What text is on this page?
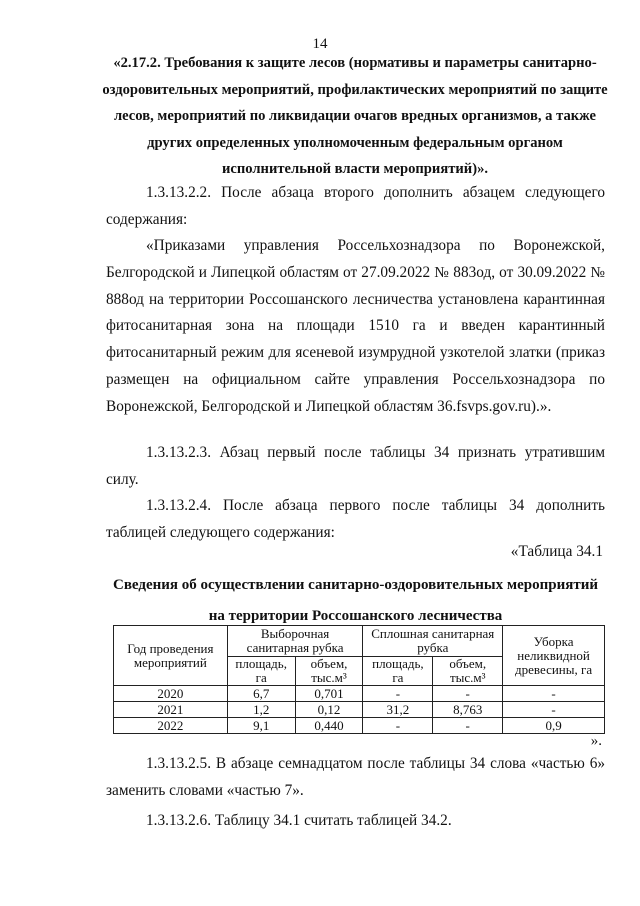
14
«2.17.2. Требования к защите лесов (нормативы и параметры санитарно-оздоровительных мероприятий, профилактических мероприятий по защите лесов, мероприятий по ликвидации очагов вредных организмов, а также других определенных уполномоченным федеральным органом исполнительной власти мероприятий)».

1.3.13.2.2. После абзаца второго дополнить абзацем следующего содержания:

«Приказами управления Россельхознадзора по Воронежской, Белгородской и Липецкой областям от 27.09.2022 № 883од, от 30.09.2022 № 888од на территории Россошанского лесничества установлена карантинная фитосанитарная зона на площади 1510 га и введен карантинный фитосанитарный режим для ясеневой изумрудной узкотелой златки (приказ размещен на официальном сайте управления Россельхознадзора по Воронежской, Белгородской и Липецкой областям 36.fsvps.gov.ru).».

1.3.13.2.3. Абзац первый после таблицы 34 признать утратившим силу.

1.3.13.2.4. После абзаца первого после таблицы 34 дополнить таблицей следующего содержания:

«Таблица 34.1
Сведения об осуществлении санитарно-оздоровительных мероприятий на территории Россошанского лесничества
Год проведения мероприятий	Выборочная санитарная рубка		Сплошная санитарная рубка		Уборка неликвидной древесины, га
	площадь, га	объем, тыс.м³	площадь, га	объем, тыс.м³	
2020	6,7	0,701	-	-	-
2021	1,2	0,12	31,2	8,763	-
2022	9,1	0,440	-	-	0,9
».

1.3.13.2.5. В абзаце семнадцатом после таблицы 34 слова «частью 6» заменить словами «частью 7».

1.3.13.2.6. Таблицу 34.1 считать таблицей 34.2.
